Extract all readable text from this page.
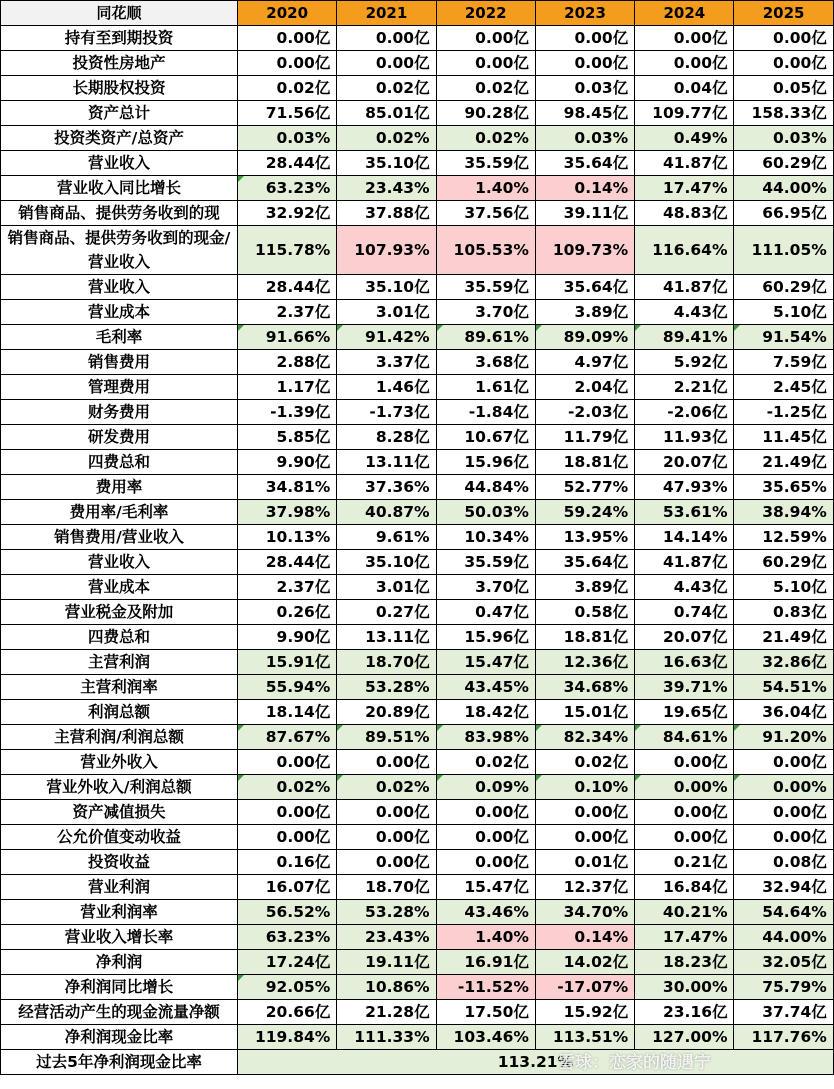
同花顺	2020	2021	2022	2023	2024	2025
持有至到期投资	0.00亿	0.00亿	0.00亿	0.00亿	0.00亿	0.00亿
投资性房地产	0.00亿	0.00亿	0.00亿	0.00亿	0.00亿	0.00亿
长期股权投资	0.02亿	0.02亿	0.02亿	0.03亿	0.04亿	0.05亿
资产总计	71.56亿	85.01亿	90.28亿	98.45亿	109.77亿	158.33亿
投资类资产/总资产	0.03%	0.02%	0.02%	0.03%	0.49%	0.03%
营业收入	28.44亿	35.10亿	35.59亿	35.64亿	41.87亿	60.29亿
营业收入同比增长	63.23%	23.43%	1.40%	0.14%	17.47%	44.00%
销售商品、提供劳务收到的现	32.92亿	37.88亿	37.56亿	39.11亿	48.83亿	66.95亿
销售商品、提供劳务收到的现金/营业收入	115.78%	107.93%	105.53%	109.73%	116.64%	111.05%
营业收入	28.44亿	35.10亿	35.59亿	35.64亿	41.87亿	60.29亿
营业成本	2.37亿	3.01亿	3.70亿	3.89亿	4.43亿	5.10亿
毛利率	91.66%	91.42%	89.61%	89.09%	89.41%	91.54%
销售费用	2.88亿	3.37亿	3.68亿	4.97亿	5.92亿	7.59亿
管理费用	1.17亿	1.46亿	1.61亿	2.04亿	2.21亿	2.45亿
财务费用	-1.39亿	-1.73亿	-1.84亿	-2.03亿	-2.06亿	-1.25亿
研发费用	5.85亿	8.28亿	10.67亿	11.79亿	11.93亿	11.45亿
四费总和	9.90亿	13.11亿	15.96亿	18.81亿	20.07亿	21.49亿
费用率	34.81%	37.36%	44.84%	52.77%	47.93%	35.65%
费用率/毛利率	37.98%	40.87%	50.03%	59.24%	53.61%	38.94%
销售费用/营业收入	10.13%	9.61%	10.34%	13.95%	14.14%	12.59%
营业收入	28.44亿	35.10亿	35.59亿	35.64亿	41.87亿	60.29亿
营业成本	2.37亿	3.01亿	3.70亿	3.89亿	4.43亿	5.10亿
营业税金及附加	0.26亿	0.27亿	0.47亿	0.58亿	0.74亿	0.83亿
四费总和	9.90亿	13.11亿	15.96亿	18.81亿	20.07亿	21.49亿
主营利润	15.91亿	18.70亿	15.47亿	12.36亿	16.63亿	32.86亿
主营利润率	55.94%	53.28%	43.45%	34.68%	39.71%	54.51%
利润总额	18.14亿	20.89亿	18.42亿	15.01亿	19.65亿	36.04亿
主营利润/利润总额	87.67%	89.51%	83.98%	82.34%	84.61%	91.20%
营业外收入	0.00亿	0.00亿	0.02亿	0.02亿	0.00亿	0.00亿
营业外收入/利润总额	0.02%	0.02%	0.09%	0.10%	0.00%	0.00%
资产减值损失	0.00亿	0.00亿	0.00亿	0.00亿	0.00亿	0.00亿
公允价值变动收益	0.00亿	0.00亿	0.00亿	0.00亿	0.00亿	0.00亿
投资收益	0.16亿	0.00亿	0.00亿	0.01亿	0.21亿	0.08亿
营业利润	16.07亿	18.70亿	15.47亿	12.37亿	16.84亿	32.94亿
营业利润率	56.52%	53.28%	43.46%	34.70%	40.21%	54.64%
营业收入增长率	63.23%	23.43%	1.40%	0.14%	17.47%	44.00%
净利润	17.24亿	19.11亿	16.91亿	14.02亿	18.23亿	32.05亿
净利润同比增长	92.05%	10.86%	-11.52%	-17.07%	30.00%	75.79%
经营活动产生的现金流量净额	20.66亿	21.28亿	17.50亿	15.92亿	23.16亿	37.74亿
净利润现金比率	119.84%	111.33%	103.46%	113.51%	127.00%	117.76%
过去5年净利润现金比率	113.21%					
雪球：恋家的随遇宁
